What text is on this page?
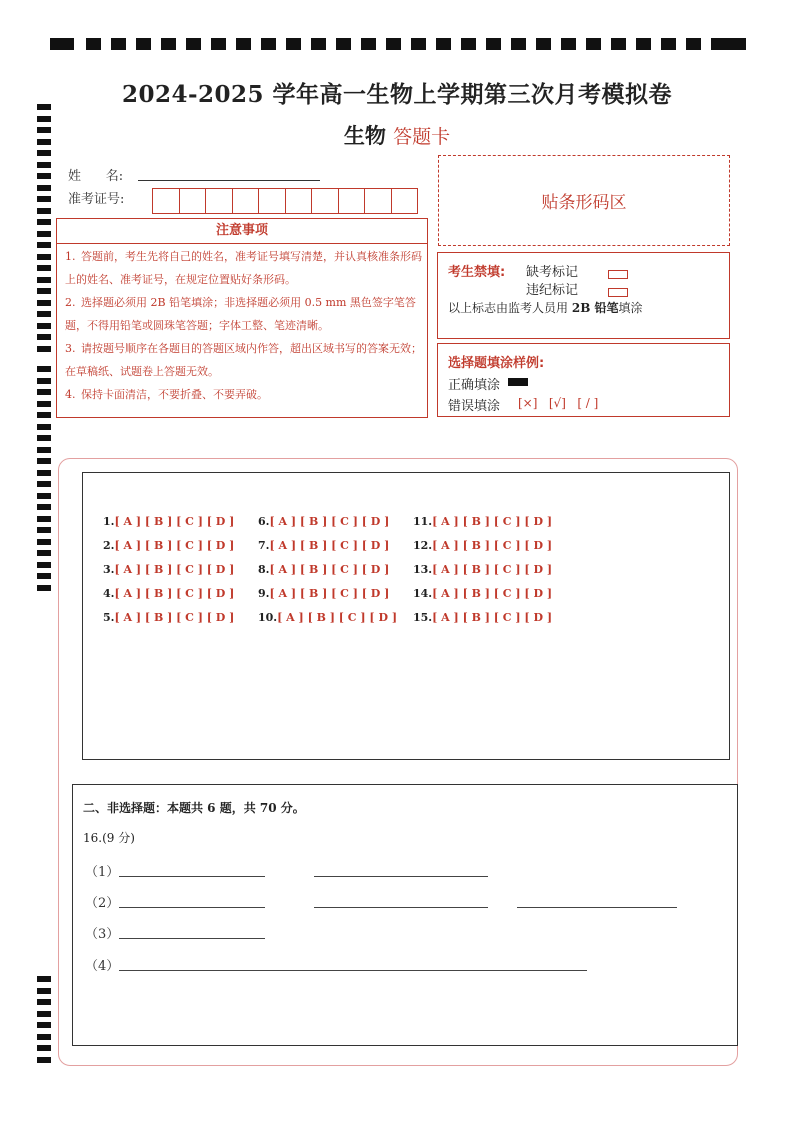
2024-2025 学年高一生物上学期第三次月考模拟卷
生物 答题卡
姓      名:
准考证号:
注意事项
1. 答题前，考生先将自己的姓名，准考证号填写清楚，并认真核准条形码上的姓名、准考证号，在规定位置贴好条形码。
2. 选择题必须用 2B 铅笔填涂；非选择题必须用 0.5 mm 黑色签字笔答题，不得用铅笔或圆珠笔答题；字体工整、笔迹清晰。
3. 请按题号顺序在各题目的答题区域内作答，超出区域书写的答案无效；在草稿纸、试题卷上答题无效。
4. 保持卡面清洁，不要折叠、不要弄破。
贴条形码区
考生禁填: 缺考标记
违纪标记
以上标志由监考人员用 2B 铅笔填涂
选择题填涂样例:
正确填涂
错误填涂 [×]   [√]   [ / ]
1.[ A ] [ B ] [ C ] [ D ]
2.[ A ] [ B ] [ C ] [ D ]
3.[ A ] [ B ] [ C ] [ D ]
4.[ A ] [ B ] [ C ] [ D ]
5.[ A ] [ B ] [ C ] [ D ]
6.[ A ] [ B ] [ C ] [ D ]
7.[ A ] [ B ] [ C ] [ D ]
8.[ A ] [ B ] [ C ] [ D ]
9.[ A ] [ B ] [ C ] [ D ]
10.[ A ] [ B ] [ C ] [ D ]
11.[ A ] [ B ] [ C ] [ D ]
12.[ A ] [ B ] [ C ] [ D ]
13.[ A ] [ B ] [ C ] [ D ]
14.[ A ] [ B ] [ C ] [ D ]
15.[ A ] [ B ] [ C ] [ D ]
二、非选择题：本题共 6 题，共 70 分。
16.(9 分)
（1）
（2）
（3）
（4）
